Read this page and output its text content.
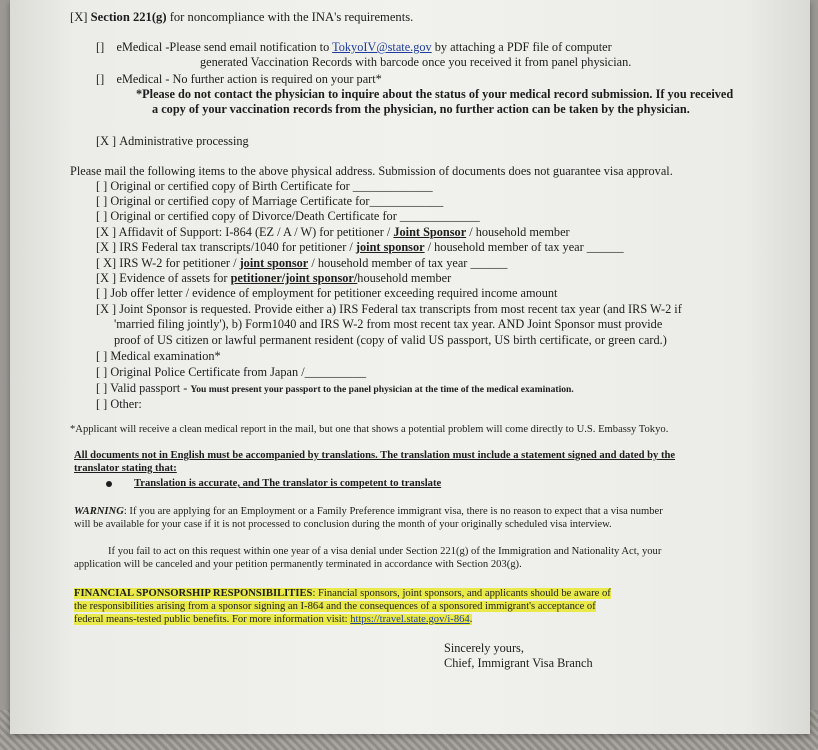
[X] Section 221(g) for noncompliance with the INA's requirements.
[] eMedical -Please send email notification to TokyoIV@state.gov by attaching a PDF file of computer
generated Vaccination Records with barcode once you received it from panel physician.
[] eMedical - No further action is required on your part*
*Please do not contact the physician to inquire about the status of your medical record submission. If you received
a copy of your vaccination records from the physician, no further action can be taken by the physician.
[X ] Administrative processing
Please mail the following items to the above physical address. Submission of documents does not guarantee visa approval.
[ ] Original or certified copy of Birth Certificate for _____________
[ ] Original or certified copy of Marriage Certificate for____________
[ ] Original or certified copy of Divorce/Death Certificate for _____________
[X ] Affidavit of Support: I-864 (EZ / A / W) for petitioner / Joint Sponsor / household member
[X ] IRS Federal tax transcripts/1040 for petitioner / joint sponsor / household member of tax year ______
[ X] IRS W-2 for petitioner / joint sponsor / household member of tax year ______
[X ] Evidence of assets for petitioner/joint sponsor/household member
[ ] Job offer letter / evidence of employment for petitioner exceeding required income amount
[X ] Joint Sponsor is requested. Provide either a) IRS Federal tax transcripts from most recent tax year (and IRS W-2 if
'married filing jointly'), b) Form1040 and IRS W-2 from most recent tax year. AND Joint Sponsor must provide
proof of US citizen or lawful permanent resident (copy of valid US passport, US birth certificate, or green card.)
[ ] Medical examination*
[ ] Original Police Certificate from Japan /__________
[ ] Valid passport - You must present your passport to the panel physician at the time of the medical examination.
[ ] Other:
*Applicant will receive a clean medical report in the mail, but one that shows a potential problem will come directly to U.S. Embassy Tokyo.
All documents not in English must be accompanied by translations. The translation must include a statement signed and dated by the
translator stating that:
Translation is accurate, and The translator is competent to translate
WARNING: If you are applying for an Employment or a Family Preference immigrant visa, there is no reason to expect that a visa number
will be available for your case if it is not processed to conclusion during the month of your originally scheduled visa interview.
If you fail to act on this request within one year of a visa denial under Section 221(g) of the Immigration and Nationality Act, your
application will be canceled and your petition permanently terminated in accordance with Section 203(g).
FINANCIAL SPONSORSHIP RESPONSIBILITIES: Financial sponsors, joint sponsors, and applicants should be aware of
the responsibilities arising from a sponsor signing an I-864 and the consequences of a sponsored immigrant's acceptance of
federal means-tested public benefits. For more information visit: https://travel.state.gov/i-864.
Sincerely yours,
Chief, Immigrant Visa Branch
